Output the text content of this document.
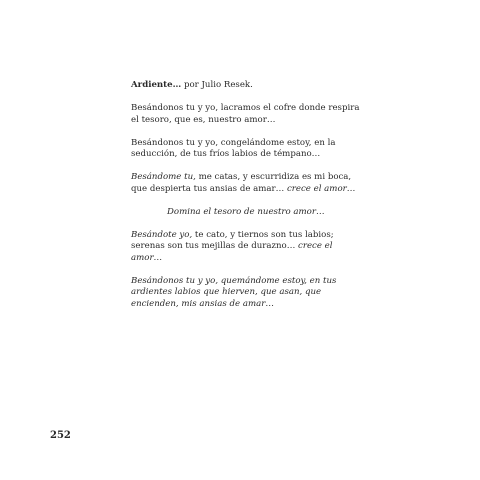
Ardiente… por Julio Resek.
Besándonos tu y yo, lacramos el cofre donde respira
el tesoro, que es, nuestro amor…
Besándonos tu y yo, congelándome estoy, en la
seducción, de tus fríos labios de témpano…
Besándome tu, me catas, y escurridiza es mi boca,
que despierta tus ansias de amar… crece el amor…
Domina el tesoro de nuestro amor…
Besándote yo, te cato, y tiernos son tus labios;
serenas son tus mejillas de durazno… crece el
amor…
Besándonos tu y yo, quemándome estoy, en tus
ardientes labios que hierven, que asan, que
encienden, mis ansias de amar…
252
